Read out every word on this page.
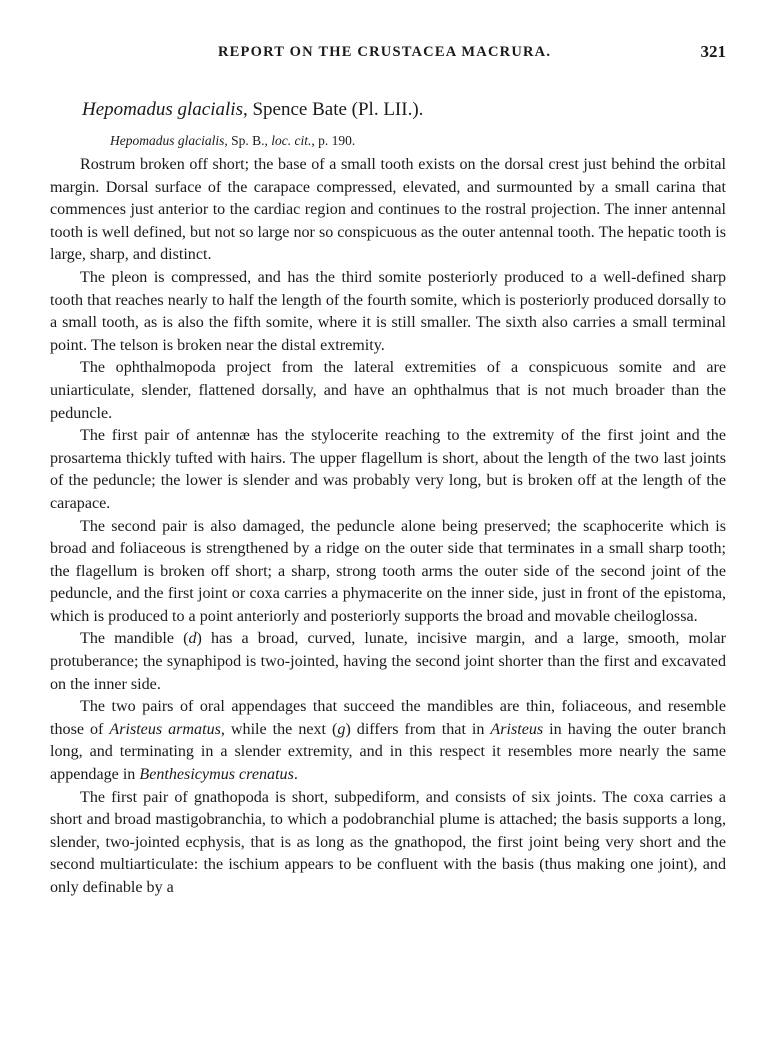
REPORT ON THE CRUSTACEA MACRURA.	321
Hepomadus glacialis, Spence Bate (Pl. LII.).
Hepomadus glacialis, Sp. B., loc. cit., p. 190.

Rostrum broken off short; the base of a small tooth exists on the dorsal crest just behind the orbital margin. Dorsal surface of the carapace compressed, elevated, and surmounted by a small carina that commences just anterior to the cardiac region and continues to the rostral projection. The inner antennal tooth is well defined, but not so large nor so conspicuous as the outer antennal tooth. The hepatic tooth is large, sharp, and distinct.

The pleon is compressed, and has the third somite posteriorly produced to a well-defined sharp tooth that reaches nearly to half the length of the fourth somite, which is posteriorly produced dorsally to a small tooth, as is also the fifth somite, where it is still smaller. The sixth also carries a small terminal point. The telson is broken near the distal extremity.

The ophthalmopoda project from the lateral extremities of a conspicuous somite and are uniarticulate, slender, flattened dorsally, and have an ophthalmus that is not much broader than the peduncle.

The first pair of antennæ has the stylocerite reaching to the extremity of the first joint and the prosartema thickly tufted with hairs. The upper flagellum is short, about the length of the two last joints of the peduncle; the lower is slender and was probably very long, but is broken off at the length of the carapace.

The second pair is also damaged, the peduncle alone being preserved; the scaphocerite which is broad and foliaceous is strengthened by a ridge on the outer side that terminates in a small sharp tooth; the flagellum is broken off short; a sharp, strong tooth arms the outer side of the second joint of the peduncle, and the first joint or coxa carries a phymacerite on the inner side, just in front of the epistoma, which is produced to a point anteriorly and posteriorly supports the broad and movable cheiloglossa.

The mandible (d) has a broad, curved, lunate, incisive margin, and a large, smooth, molar protuberance; the synaphipod is two-jointed, having the second joint shorter than the first and excavated on the inner side.

The two pairs of oral appendages that succeed the mandibles are thin, foliaceous, and resemble those of Aristeus armatus, while the next (g) differs from that in Aristeus in having the outer branch long, and terminating in a slender extremity, and in this respect it resembles more nearly the same appendage in Benthesicymus crenatus.

The first pair of gnathopoda is short, subpediform, and consists of six joints. The coxa carries a short and broad mastigobranchia, to which a podobranchial plume is attached; the basis supports a long, slender, two-jointed ecphysis, that is as long as the gnathopod, the first joint being very short and the second multiarticulate: the ischium appears to be confluent with the basis (thus making one joint), and only definable by a
